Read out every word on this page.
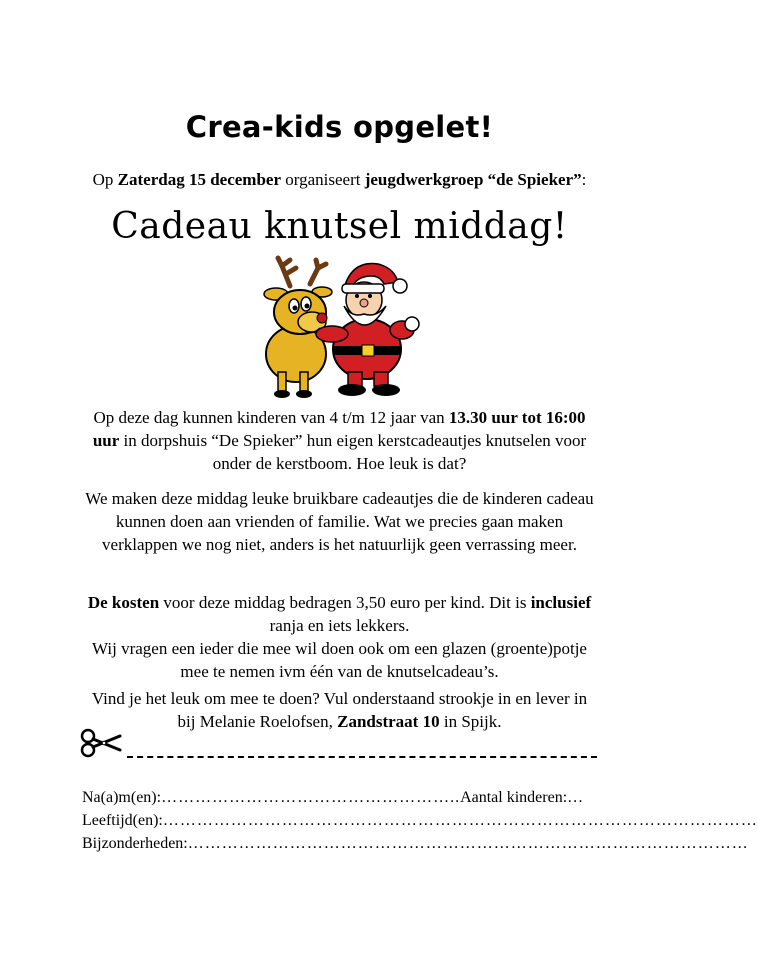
Crea-kids opgelet!
Op Zaterdag 15 december organiseert jeugdwerkgroep “de Spieker”:
Cadeau knutsel middag!
Op deze dag kunnen kinderen van 4 t/m 12 jaar van 13.30 uur tot 16:00 uur in dorpshuis “De Spieker” hun eigen kerstcadeautjes knutselen voor onder de kerstboom. Hoe leuk is dat?
We maken deze middag leuke bruikbare cadeautjes die de kinderen cadeau kunnen doen aan vrienden of familie. Wat we precies gaan maken verklappen we nog niet, anders is het natuurlijk geen verrassing meer.
De kosten voor deze middag bedragen 3,50 euro per kind. Dit is inclusief ranja en iets lekkers.
Wij vragen een ieder die mee wil doen ook om een glazen (groente)potje mee te nemen ivm één van de knutselcadeau’s.
Vind je het leuk om mee te doen? Vul onderstaand strookje in en lever in bij Melanie Roelofsen, Zandstraat 10 in Spijk.
Na(a)m(en):……………………………………………..Aantal kinderen:…
Leeftijd(en):……………………………………………………………………………………………
Bijzonderheden:………………………………………………………………………………………
